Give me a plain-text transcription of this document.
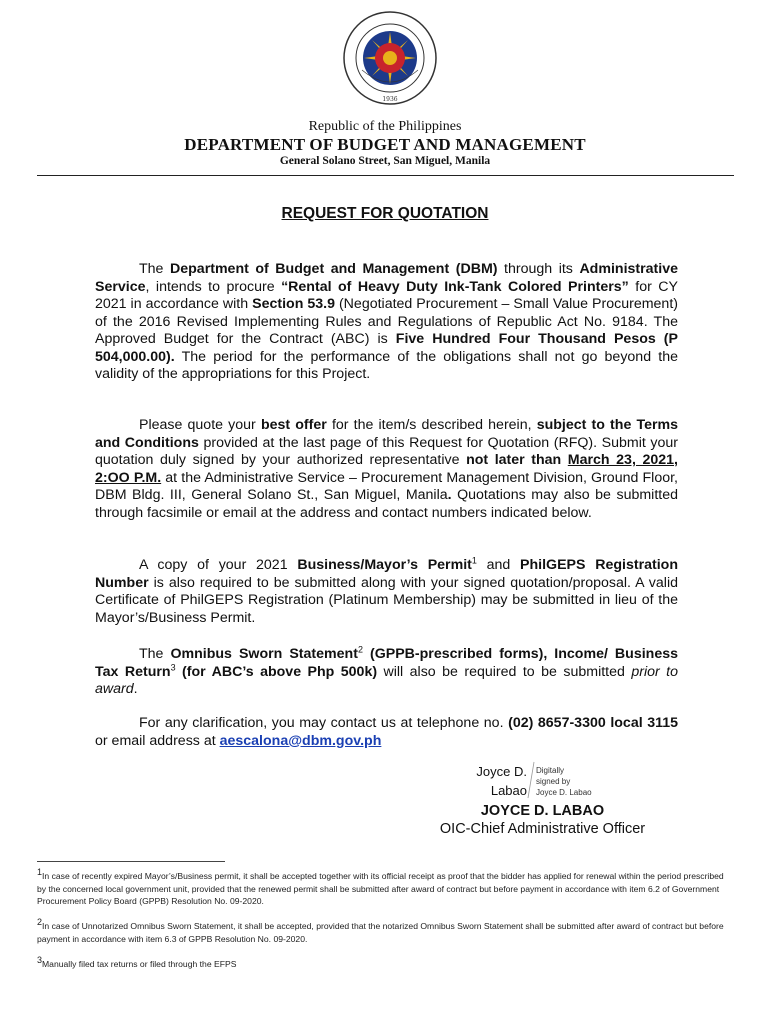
1936
Republic of the Philippines
DEPARTMENT OF BUDGET AND MANAGEMENT
General Solano Street, San Miguel, Manila
REQUEST FOR QUOTATION
The Department of Budget and Management (DBM) through its Administrative Service, intends to procure “Rental of Heavy Duty Ink-Tank Colored Printers” for CY 2021 in accordance with Section 53.9 (Negotiated Procurement – Small Value Procurement) of the 2016 Revised Implementing Rules and Regulations of Republic Act No. 9184. The Approved Budget for the Contract (ABC) is Five Hundred Four Thousand Pesos (P 504,000.00). The period for the performance of the obligations shall not go beyond the validity of the appropriations for this Project.
Please quote your best offer for the item/s described herein, subject to the Terms and Conditions provided at the last page of this Request for Quotation (RFQ). Submit your quotation duly signed by your authorized representative not later than March 23, 2021, 2:OO P.M. at the Administrative Service – Procurement Management Division, Ground Floor, DBM Bldg. III, General Solano St., San Miguel, Manila. Quotations may also be submitted through facsimile or email at the address and contact numbers indicated below.
A copy of your 2021 Business/Mayor’s Permit$^1$ and PhilGEPS Registration Number is also required to be submitted along with your signed quotation/proposal. A valid Certificate of PhilGEPS Registration (Platinum Membership) may be submitted in lieu of the Mayor’s/Business Permit.
The Omnibus Sworn Statement$^2$ (GPPB-prescribed forms), Income/ Business Tax Return$^3$ (for ABC’s above Php 500k) will also be required to be submitted prior to award.
For any clarification, you may contact us at telephone no. (02) 8657-3300 local 3115 or email address at aescalona@dbm.gov.ph
Joyce D.
Labao
Digitally
signed by
Joyce D. Labao
JOYCE D. LABAO
OIC-Chief Administrative Officer
$^1$In case of recently expired Mayor’s/Business permit, it shall be accepted together with its official receipt as proof that the bidder has applied for renewal within the period prescribed by the concerned local government unit, provided that the renewed permit shall be submitted after award of contract but before payment in accordance with item 6.2 of Government Procurement Policy Board (GPPB) Resolution No. 09-2020.
$^2$In case of Unnotarized Omnibus Sworn Statement, it shall be accepted, provided that the notarized Omnibus Sworn Statement shall be submitted after award of contract but before payment in accordance with item 6.3 of GPPB Resolution No. 09-2020.
$^3$Manually filed tax returns or filed through the EFPS
